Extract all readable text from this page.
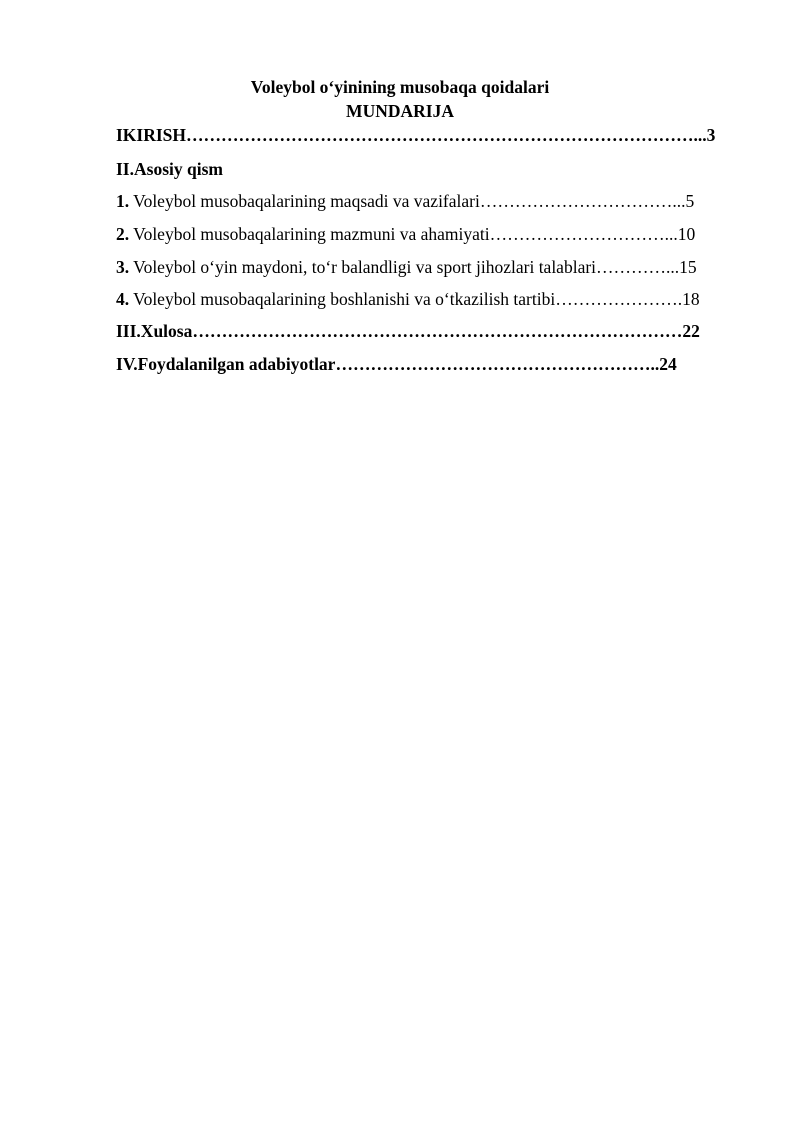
Voleybol o‘yinining musobaqa qoidalari
MUNDARIJA
IKIRISH……………………………………………………………………………...3
II.Asosiy qism
1. Voleybol musobaqalarining maqsadi va vazifalari……………………………...5
2. Voleybol musobaqalarining mazmuni va ahamiyati…………………………...10
3. Voleybol o‘yin maydoni, to‘r balandligi va sport jihozlari talablari…………...15
4. Voleybol musobaqalarining boshlanishi va o‘tkazilish tartibi………………….18
III.Xulosa…………………………………………………………………………22
IV.Foydalanilgan adabiyotlar………………………………………………..24
